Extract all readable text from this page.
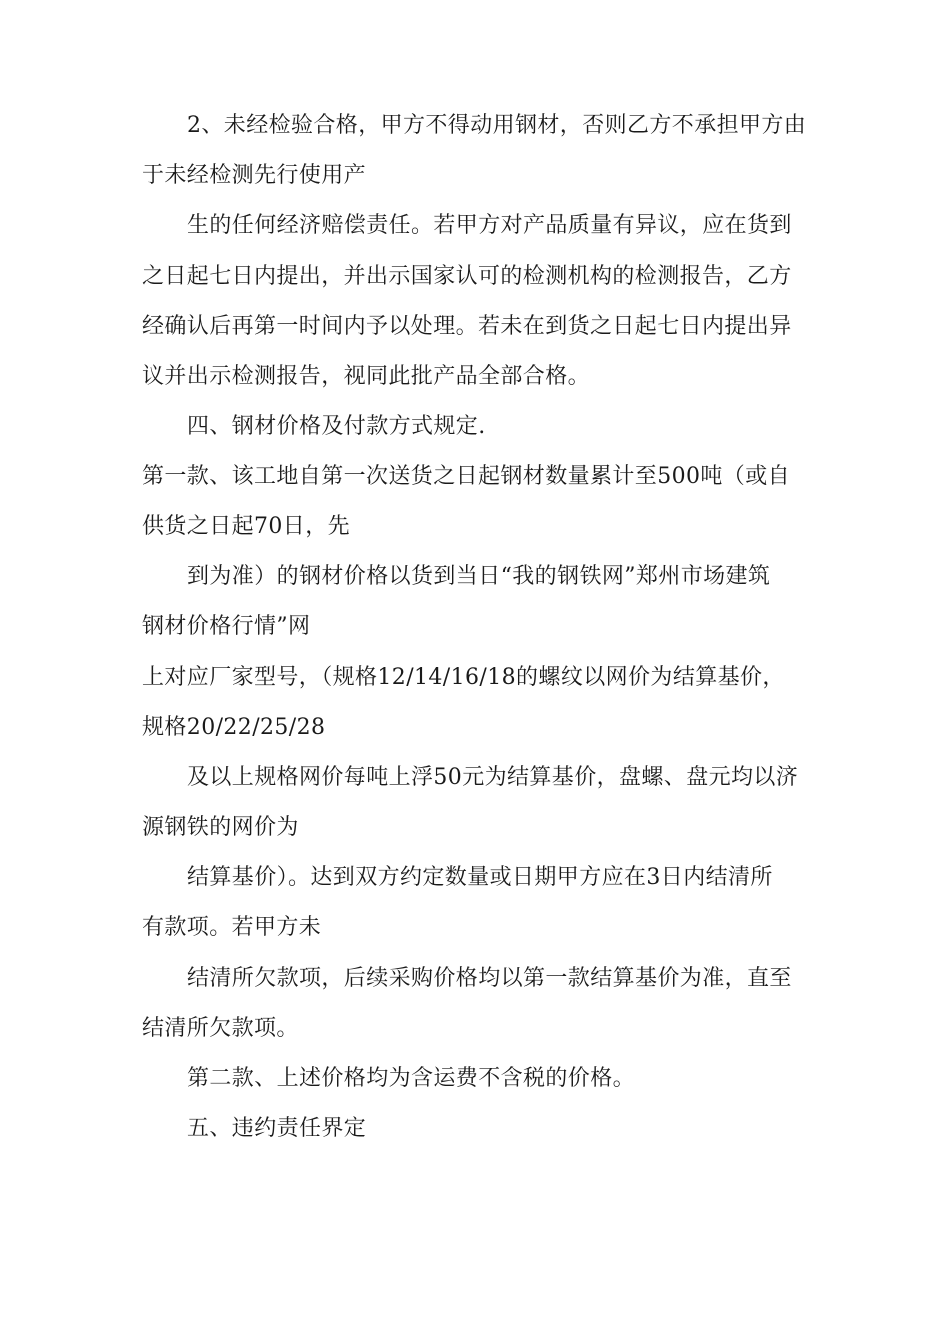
2、未经检验合格，甲方不得动用钢材，否则乙方不承担甲方由
于未经检测先行使用产
生的任何经济赔偿责任。若甲方对产品质量有异议，应在货到
之日起七日内提出，并出示国家认可的检测机构的检测报告，乙方
经确认后再第一时间内予以处理。若未在到货之日起七日内提出异
议并出示检测报告，视同此批产品全部合格。
四、钢材价格及付款方式规定.
第一款、该工地自第一次送货之日起钢材数量累计至500吨（或自
供货之日起70日，先
到为准）的钢材价格以货到当日“我的钢铁网”郑州市场建筑
钢材价格行情”网
上对应厂家型号，（规格12/14/16/18的螺纹以网价为结算基价，
规格20/22/25/28
及以上规格网价每吨上浮50元为结算基价，盘螺、盘元均以济
源钢铁的网价为
结算基价）。达到双方约定数量或日期甲方应在3日内结清所
有款项。若甲方未
结清所欠款项，后续采购价格均以第一款结算基价为准，直至
结清所欠款项。
第二款、上述价格均为含运费不含税的价格。
五、违约责任界定
